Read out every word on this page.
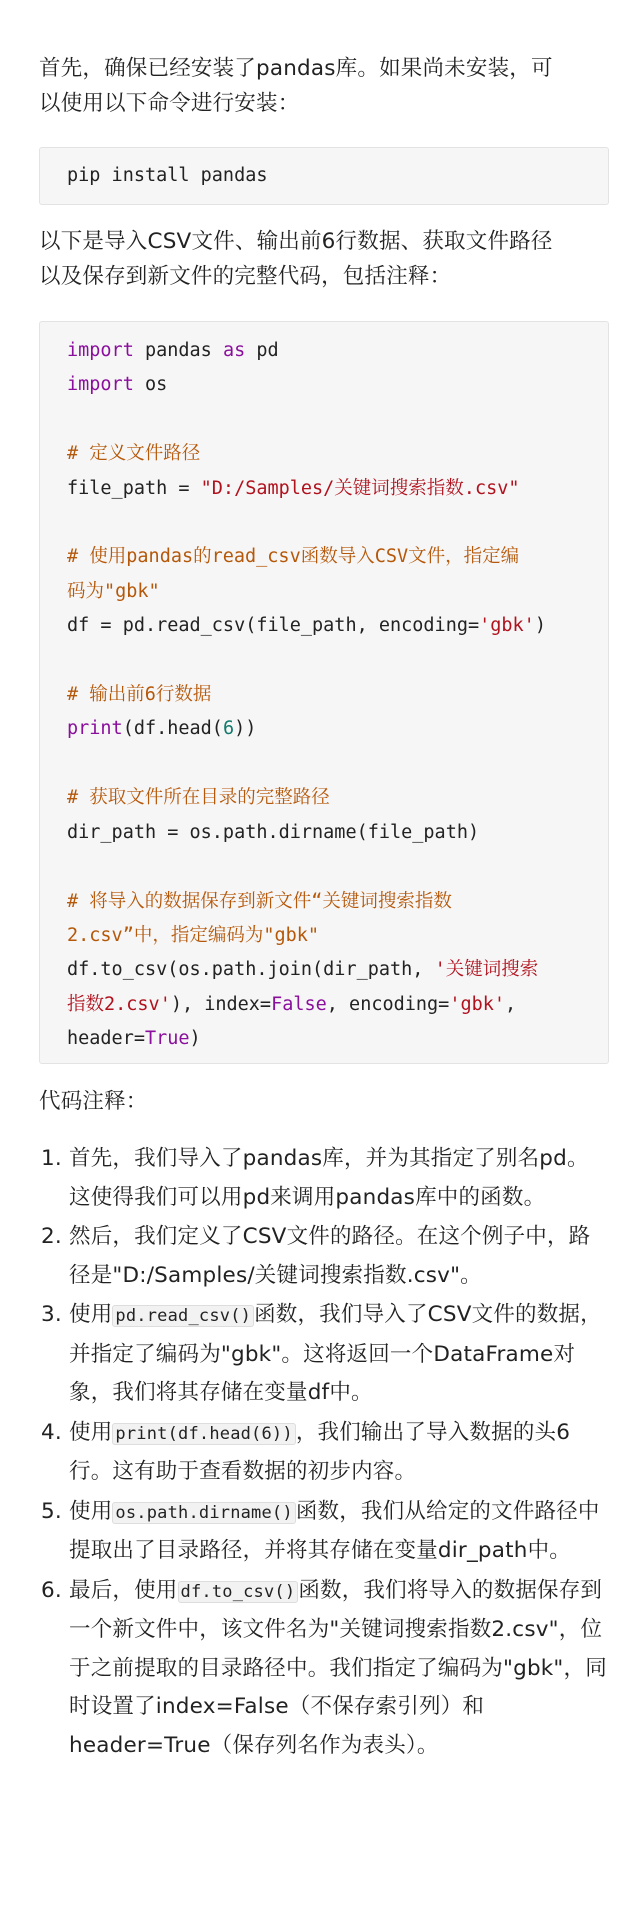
首先，确保已经安装了pandas库。如果尚未安装，可
以使用以下命令进行安装：

pip install pandas

以下是导入CSV文件、输出前6行数据、获取文件路径
以及保存到新文件的完整代码，包括注释：

import pandas as pd
import os

# 定义文件路径
file_path = "D:/Samples/关键词搜索指数.csv"

# 使用pandas的read_csv函数导入CSV文件，指定编
码为"gbk"
df = pd.read_csv(file_path, encoding='gbk')

# 输出前6行数据
print(df.head(6))

# 获取文件所在目录的完整路径
dir_path = os.path.dirname(file_path)

# 将导入的数据保存到新文件“关键词搜索指数
2.csv”中，指定编码为"gbk"
df.to_csv(os.path.join(dir_path, '关键词搜索
指数2.csv'), index=False, encoding='gbk',
header=True)

代码注释：

1. 首先，我们导入了pandas库，并为其指定了别名pd。这使得我们可以用pd来调用pandas库中的函数。
2. 然后，我们定义了CSV文件的路径。在这个例子中，路径是"D:/Samples/关键词搜索指数.csv"。
3. 使用 pd.read_csv() 函数，我们导入了CSV文件的数据，并指定了编码为"gbk"。这将返回一个DataFrame对象，我们将其存储在变量df中。
4. 使用 print(df.head(6)) ，我们输出了导入数据的头6行。这有助于查看数据的初步内容。
5. 使用 os.path.dirname() 函数，我们从给定的文件路径中提取出了目录路径，并将其存储在变量dir_path中。
6. 最后，使用 df.to_csv() 函数，我们将导入的数据保存到一个新文件中，该文件名为"关键词搜索指数2.csv"，位于之前提取的目录路径中。我们指定了编码为"gbk"，同时设置了index=False（不保存索引列）和header=True（保存列名作为表头）。
